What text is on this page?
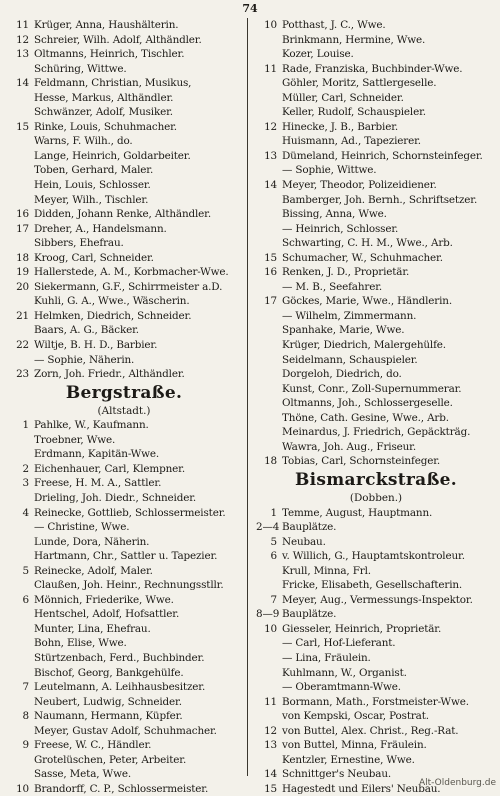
74
11 Krüger, Anna, Haushälterin.
12 Schreier, Wilh. Adolf, Althändler.
13 Oltmanns, Heinrich, Tischler.
Schüring, Wittwe.
14 Feldmann, Christian, Musikus,
Hesse, Markus, Althändler.
Schwänzer, Adolf, Musiker.
15 Rinke, Louis, Schuhmacher.
Warns, F. Wilh., do.
Lange, Heinrich, Goldarbeiter.
Toben, Gerhard, Maler.
Hein, Louis, Schlosser.
Meyer, Wilh., Tischler.
16 Didden, Johann Renke, Althändler.
17 Dreher, A., Handelsmann.
Sibbers, Ehefrau.
18 Kroog, Carl, Schneider.
19 Hallerstede, A. M., Korbmacher-Wwe.
20 Siekermann, G.F., Schirrmeister a.D.
Kuhli, G. A., Wwe., Wäscherin.
21 Helmken, Diedrich, Schneider.
Baars, A. G., Bäcker.
22 Wiltje, B. H. D., Barbier.
— Sophie, Näherin.
23 Zorn, Joh. Friedr., Althändler.
Bergstraße.
(Altstadt.)
1 Pahlke, W., Kaufmann.
Troebner, Wwe.
Erdmann, Kapitän-Wwe.
2 Eichenhauer, Carl, Klempner.
3 Freese, H. M. A., Sattler.
Drieling, Joh. Diedr., Schneider.
4 Reinecke, Gottlieb, Schlossermeister.
— Christine, Wwe.
Lunde, Dora, Näherin.
Hartmann, Chr., Sattler u. Tapezier.
5 Reinecke, Adolf, Maler.
Claußen, Joh. Heinr., Rechnungsstllr.
6 Mönnich, Friederike, Wwe.
Hentschel, Adolf, Hofsattler.
Munter, Lina, Ehefrau.
Bohn, Elise, Wwe.
Stürtzenbach, Ferd., Buchbinder.
Bischof, Georg, Bankgehülfe.
7 Leutelmann, A. Leihhausbesitzer.
Neubert, Ludwig, Schneider.
8 Naumann, Hermann, Küpfer.
Meyer, Gustav Adolf, Schuhmacher.
9 Freese, W. C., Händler.
Grotelüschen, Peter, Arbeiter.
Sasse, Meta, Wwe.
10 Brandorff, C. P., Schlossermeister.
10 Potthast, J. C., Wwe.
Brinkmann, Hermine, Wwe.
Kozer, Louise.
11 Rade, Franziska, Buchbinder-Wwe.
Göhler, Moritz, Sattlergeselle.
Müller, Carl, Schneider.
Keller, Rudolf, Schauspieler.
12 Hinecke, J. B., Barbier.
Huismann, Ad., Tapezierer.
13 Dümeland, Heinrich, Schornsteinfeger.
— Sophie, Wittwe.
14 Meyer, Theodor, Polizeidiener.
Bamberger, Joh. Bernh., Schriftsetzer.
Bissing, Anna, Wwe.
— Heinrich, Schlosser.
Schwarting, C. H. M., Wwe., Arb.
15 Schumacher, W., Schuhmacher.
16 Renken, J. D., Proprietär.
— M. B., Seefahrer.
17 Göckes, Marie, Wwe., Händlerin.
— Wilhelm, Zimmermann.
Spanhake, Marie, Wwe.
Krüger, Diedrich, Malergehülfe.
Seidelmann, Schauspieler.
Dorgeloh, Diedrich, do.
Kunst, Conr., Zoll-Supernummerar.
Oltmanns, Joh., Schlossergeselle.
Thöne, Cath. Gesine, Wwe., Arb.
Meinardus, J. Friedrich, Gepäckträg.
Wawra, Joh. Aug., Friseur.
18 Tobias, Carl, Schornsteinfeger.
Bismarckstraße.
(Dobben.)
1 Temme, August, Hauptmann.
2—4 Bauplätze.
5 Neubau.
6 v. Willich, G., Hauptamtskontroleur.
Krull, Minna, Frl.
Fricke, Elisabeth, Gesellschafterin.
7 Meyer, Aug., Vermessungs-Inspektor.
8—9 Bauplätze.
10 Giesseler, Heinrich, Proprietär.
— Carl, Hof-Lieferant.
— Lina, Fräulein.
Kuhlmann, W., Organist.
— Oberamtmann-Wwe.
11 Bormann, Math., Forstmeister-Wwe.
von Kempski, Oscar, Postrat.
12 von Buttel, Alex. Christ., Reg.-Rat.
13 von Buttel, Minna, Fräulein.
Kentzler, Ernestine, Wwe.
14 Schnittger's Neubau.
15 Hagestedt und Eilers' Neubau.
Alt-Oldenburg.de
